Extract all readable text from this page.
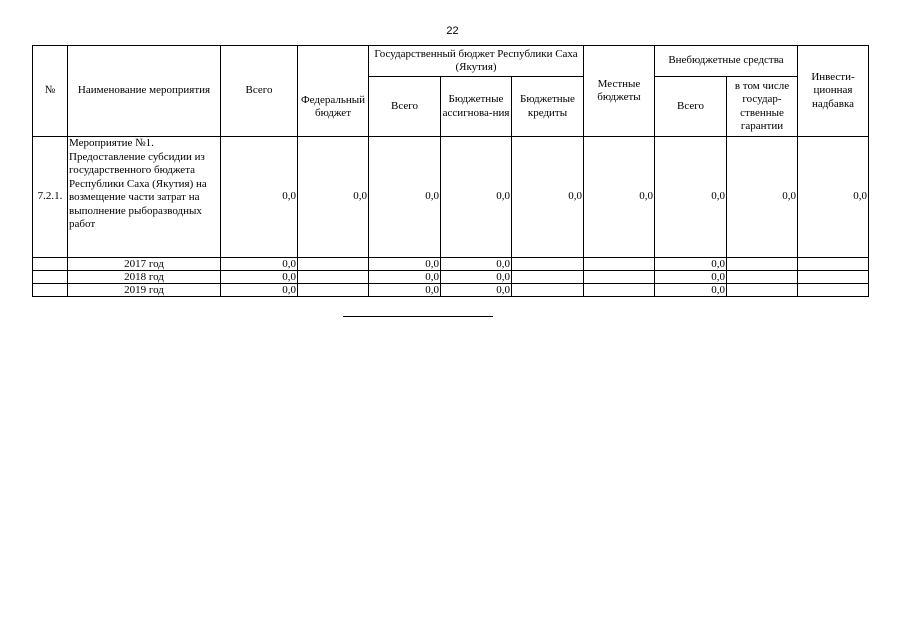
22
№	Наименование мероприятия	Всего	Федеральный бюджет	Государственный бюджет Республики Саха (Якутия)			Местные бюджеты	Внебюджетные средства		Инвести-ционная надбавка
				Всего	Бюджетные ассигнова-ния	Бюджетные кредиты		Всего	в том числе государ-ственные гарантии	
7.2.1.	Мероприятие №1. Предоставление субсидии из государственного бюджета Республики Саха (Якутия) на возмещение части затрат на выполнение рыборазводных работ	0,0	0,0	0,0	0,0	0,0	0,0	0,0	0,0	0,0
	2017 год	0,0		0,0	0,0			0,0		
	2018 год	0,0		0,0	0,0			0,0		
	2019 год	0,0		0,0	0,0			0,0		
